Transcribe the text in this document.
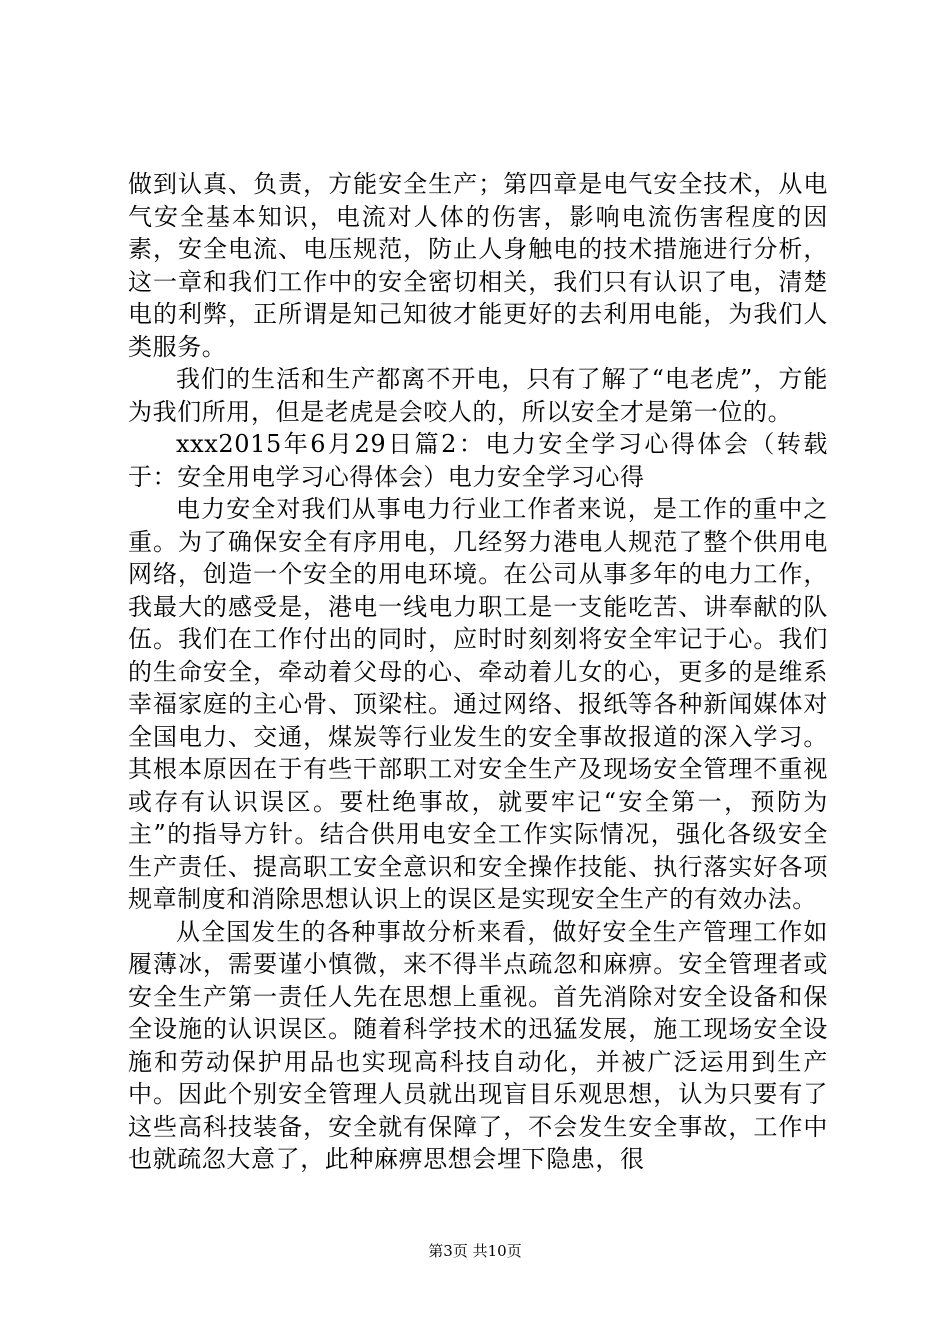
做到认真、负责，方能安全生产；第四章是电气安全技术，从电气安全基本知识，电流对人体的伤害，影响电流伤害程度的因素，安全电流、电压规范，防止人身触电的技术措施进行分析，这一章和我们工作中的安全密切相关，我们只有认识了电，清楚电的利弊，正所谓是知己知彼才能更好的去利用电能，为我们人类服务。

我们的生活和生产都离不开电，只有了解了“电老虎”，方能为我们所用，但是老虎是会咬人的，所以安全才是第一位的。

xxx2015年6月29日篇2：电力安全学习心得体会（转载于：安全用电学习心得体会）电力安全学习心得

电力安全对我们从事电力行业工作者来说，是工作的重中之重。为了确保安全有序用电，几经努力港电人规范了整个供用电网络，创造一个安全的用电环境。在公司从事多年的电力工作，我最大的感受是，港电一线电力职工是一支能吃苦、讲奉献的队伍。我们在工作付出的同时，应时时刻刻将安全牢记于心。我们的生命安全，牵动着父母的心、牵动着儿女的心，更多的是维系幸福家庭的主心骨、顶梁柱。通过网络、报纸等各种新闻媒体对全国电力、交通，煤炭等行业发生的安全事故报道的深入学习。其根本原因在于有些干部职工对安全生产及现场安全管理不重视或存有认识误区。要杜绝事故，就要牢记“安全第一，预防为主”的指导方针。结合供用电安全工作实际情况，强化各级安全生产责任、提高职工安全意识和安全操作技能、执行落实好各项规章制度和消除思想认识上的误区是实现安全生产的有效办法。

从全国发生的各种事故分析来看，做好安全生产管理工作如履薄冰，需要谨小慎微，来不得半点疏忽和麻痹。安全管理者或安全生产第一责任人先在思想上重视。首先消除对安全设备和保全设施的认识误区。随着科学技术的迅猛发展，施工现场安全设施和劳动保护用品也实现高科技自动化，并被广泛运用到生产中。因此个别安全管理人员就出现盲目乐观思想，认为只要有了这些高科技装备，安全就有保障了，不会发生安全事故，工作中也就疏忽大意了，此种麻痹思想会埋下隐患，很

第3页 共10页
